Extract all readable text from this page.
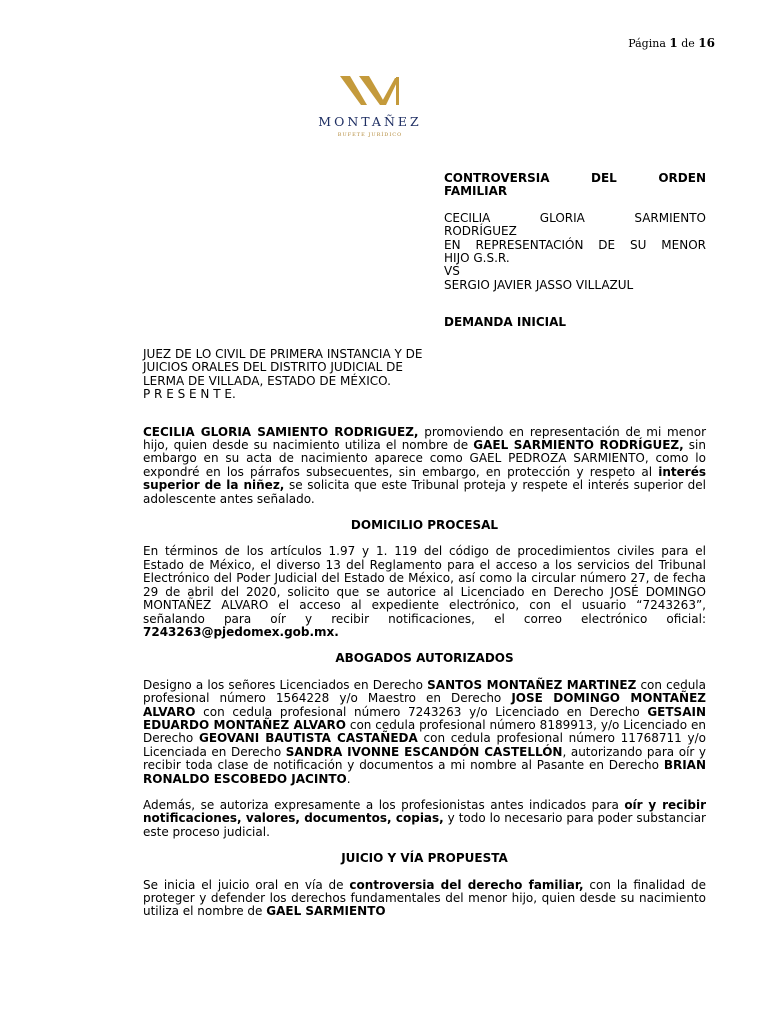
Página 1 de 16
MONTAÑEZ
BUFETE JURÍDICO

CONTROVERSIA DEL ORDEN

FAMILIAR

CECILIA GLORIA SARMIENTO

RODRÍGUEZ

EN REPRESENTACIÓN DE SU MENOR

HIJO G.S.R.

VS

SERGIO JAVIER JASSO VILLAZUL

DEMANDA INICIAL

JUEZ DE LO CIVIL DE PRIMERA INSTANCIA Y DE

JUICIOS ORALES DEL DISTRITO JUDICIAL DE

LERMA DE VILLADA, ESTADO DE MÉXICO.

P R E S E N T E.

CECILIA GLORIA SAMIENTO RODRIGUEZ, promoviendo en representación de mi menor hijo, quien desde su nacimiento utiliza el nombre de GAEL SARMIENTO RODRÍGUEZ, sin embargo en su acta de nacimiento aparece como GAEL PEDROZA SARMIENTO, como lo expondré en los párrafos subsecuentes, sin embargo, en protección y respeto al interés superior de la niñez, se solicita que este Tribunal proteja y respete el interés superior del adolescente antes señalado.

DOMICILIO PROCESAL

En términos de los artículos 1.97 y 1. 119 del código de procedimientos civiles para el Estado de México, el diverso 13 del Reglamento para el acceso a los servicios del Tribunal Electrónico del Poder Judicial del Estado de México, así como la circular número 27, de fecha 29 de abril del 2020, solicito que se autorice al Licenciado en Derecho JOSÉ DOMINGO MONTAÑEZ ALVARO el acceso al expediente electrónico, con el usuario “7243263”, señalando para oír y recibir notificaciones, el correo electrónico oficial: 7243263@pjedomex.gob.mx.

ABOGADOS AUTORIZADOS

Designo a los señores Licenciados en Derecho SANTOS MONTAÑEZ MARTINEZ con cedula profesional número 1564228 y/o Maestro en Derecho JOSE DOMINGO MONTAÑEZ ALVARO con cedula profesional número 7243263 y/o Licenciado en Derecho GETSAIN EDUARDO MONTAÑEZ ALVARO con cedula profesional número 8189913, y/o Licenciado en Derecho GEOVANI BAUTISTA CASTAÑEDA con cedula profesional número 11768711 y/o Licenciada en Derecho SANDRA IVONNE ESCANDÓN CASTELLÓN, autorizando para oír y recibir toda clase de notificación y documentos a mi nombre al Pasante en Derecho BRIAN RONALDO ESCOBEDO JACINTO.

Además, se autoriza expresamente a los profesionistas antes indicados para oír y recibir notificaciones, valores, documentos, copias, y todo lo necesario para poder substanciar este proceso judicial.

JUICIO Y VÍA PROPUESTA

Se inicia el juicio oral en vía de controversia del derecho familiar, con la finalidad de proteger y defender los derechos fundamentales del menor hijo, quien desde su nacimiento utiliza el nombre de GAEL SARMIENTO
